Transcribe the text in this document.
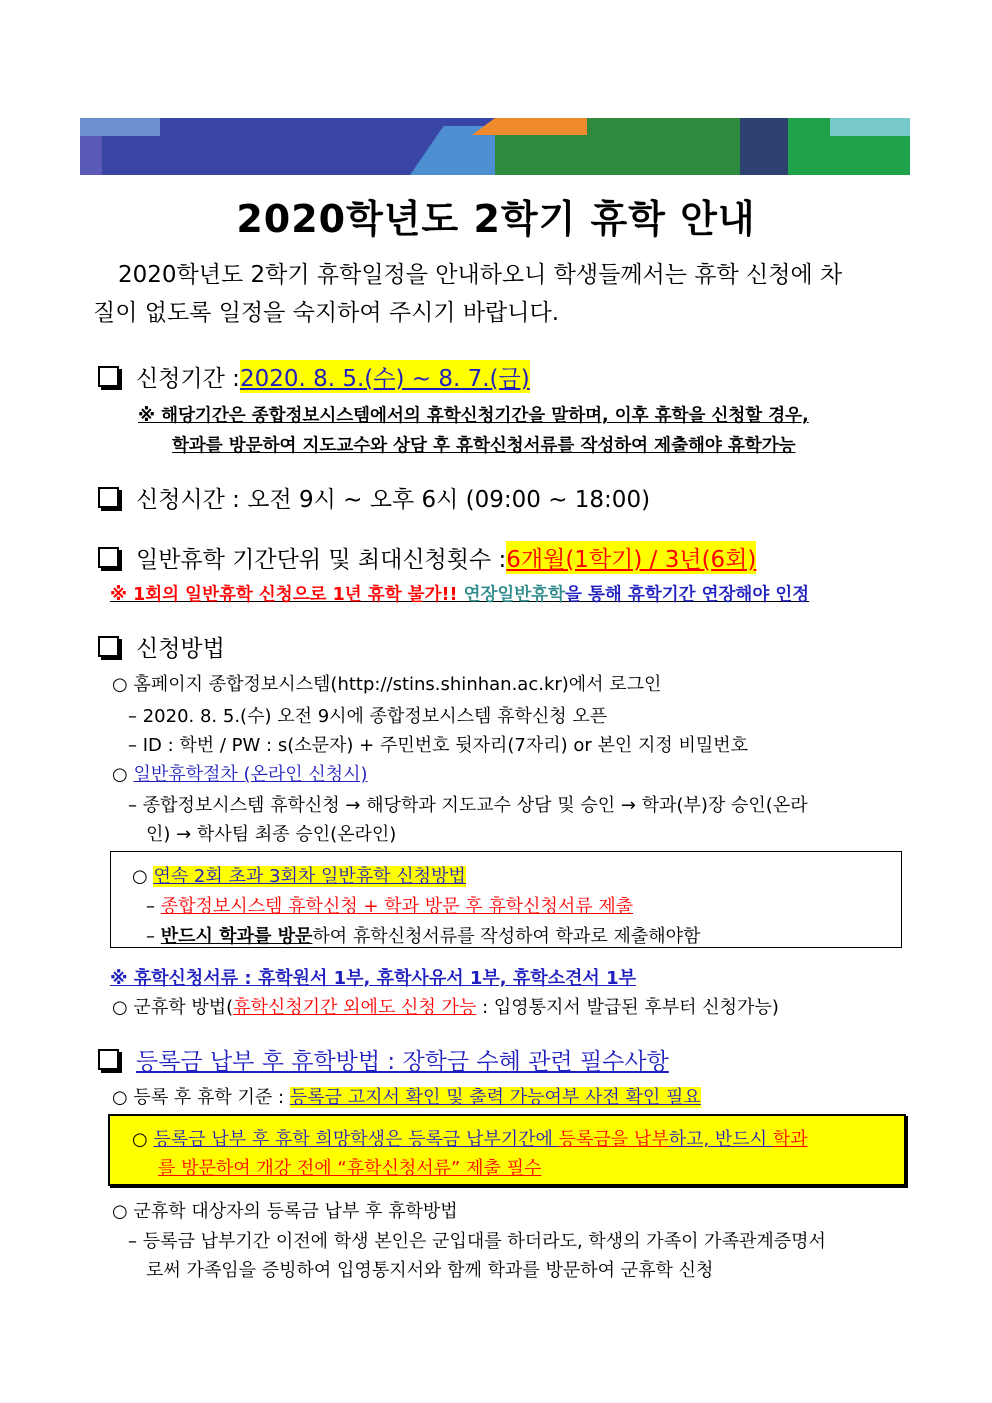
2020학년도 2학기 휴학 안내
2020학년도 2학기 휴학일정을 안내하오니 학생들께서는 휴학 신청에 차
질이 없도록 일정을 숙지하여 주시기 바랍니다.
신청기간 : 2020. 8. 5.(수) ~ 8. 7.(금)
※ 해당기간은 종합정보시스템에서의 휴학신청기간을 말하며, 이후 휴학을 신청할 경우,
학과를 방문하여 지도교수와 상담 후 휴학신청서류를 작성하여 제출해야 휴학가능
신청시간 : 오전 9시 ~ 오후 6시 (09:00 ~ 18:00)
일반휴학 기간단위 및 최대신청횟수 : 6개월(1학기) / 3년(6회)
※ 1회의 일반휴학 신청으로 1년 휴학 불가!! 연장일반휴학을 통해 휴학기간 연장해야 인정
신청방법
○ 홈페이지 종합정보시스템(http://stins.shinhan.ac.kr)에서 로그인
– 2020. 8. 5.(수) 오전 9시에 종합정보시스템 휴학신청 오픈
– ID : 학번 / PW : s(소문자) + 주민번호 뒷자리(7자리) or 본인 지정 비밀번호
○ 일반휴학절차 (온라인 신청시)
– 종합정보시스템 휴학신청 → 해당학과 지도교수 상담 및 승인 → 학과(부)장 승인(온라
인) → 학사팀 최종 승인(온라인)
○ 연속 2회 초과 3회차 일반휴학 신청방법
– 종합정보시스템 휴학신청 + 학과 방문 후 휴학신청서류 제출
– 반드시 학과를 방문하여 휴학신청서류를 작성하여 학과로 제출해야함
※ 휴학신청서류 : 휴학원서 1부, 휴학사유서 1부, 휴학소견서 1부
○ 군휴학 방법(휴학신청기간 외에도 신청 가능 : 입영통지서 발급된 후부터 신청가능)
등록금 납부 후 휴학방법 : 장학금 수혜 관련 필수사항
○ 등록 후 휴학 기준 : 등록금 고지서 확인 및 출력 가능여부 사전 확인 필요
○ 등록금 납부 후 휴학 희망학생은 등록금 납부기간에 등록금을 납부하고, 반드시 학과
를 방문하여 개강 전에 “휴학신청서류” 제출 필수
○ 군휴학 대상자의 등록금 납부 후 휴학방법
– 등록금 납부기간 이전에 학생 본인은 군입대를 하더라도, 학생의 가족이 가족관계증명서
로써 가족임을 증빙하여 입영통지서와 함께 학과를 방문하여 군휴학 신청
